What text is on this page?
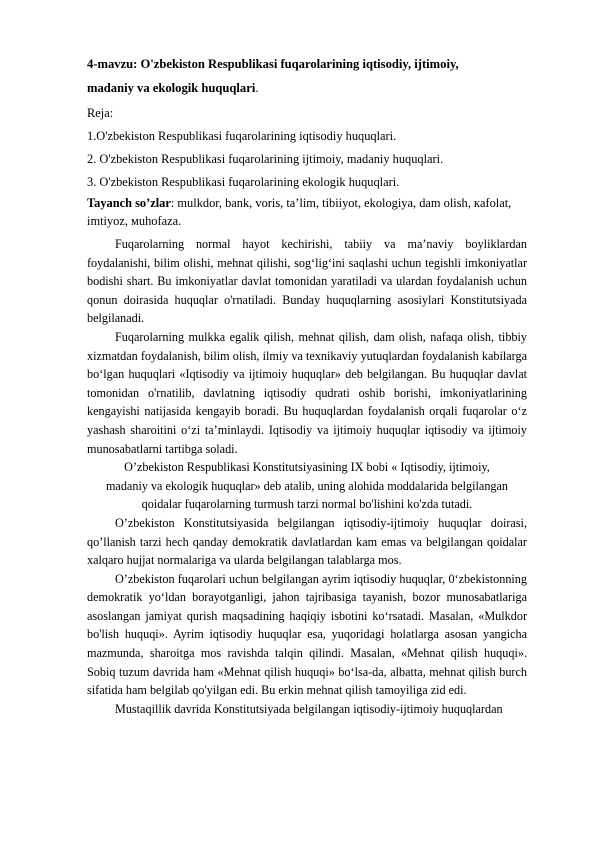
4-mavzu: O'zbekiston Respublikasi fuqarolarining iqtisodiy, ijtimoiy,

madaniy va ekologik huquqlari.

Reja:

1.O'zbekiston Respublikasi fuqarolarining iqtisodiy huquqlari.

2. O'zbekiston Respublikasi fuqarolarining ijtimoiy, madaniy huquqlari.

3. O'zbekiston Respublikasi fuqarolarining ekologik huquqlari.

Tayanch so’zlar: mulkdor, bank, voris, ta’lim, tibiiyot, ekologiya, dam olish, кafolat, imtiyoz, мuhofaza.

Fuqarolarning normal hayot kechirishi, tabiiy va ma’naviy boyliklardan foydalanishi, bilim olishi, mehnat qilishi, sog‘lig‘ini saqlashi uchun tegishli imkoniyatlar bodishi shart. Bu imkoniyatlar davlat tomonidan yaratiladi va ulardan foydalanish uchun qonun doirasida huquqlar o'rnatiladi. Bunday huquqlarning asosiylari Konstitutsiyada belgilanadi.

Fuqarolarning mulkka egalik qilish, mehnat qilish, dam olish, nafaqa olish, tibbiy xizmatdan foydalanish, bilim olish, ilmiy va texnikaviy yutuqlardan foydalanish kabilarga bo‘lgan huquqlari «Iqtisodiy va ijtimoiy huquqlar» deb belgilangan. Bu huquqlar davlat tomonidan o'rnatilib, davlatning iqtisodiy qudrati oshib borishi, imkoniyatlarining kengayishi natijasida kengayib boradi. Bu huquqlardan foydalanish orqali fuqarolar o‘z yashash sharoitini o‘zi ta’minlaydi. Iqtisodiy va ijtimoiy huquqlar iqtisodiy va ijtimoiy munosabatlarni tartibga soladi.

O’zbekiston Respublikasi Konstitutsiyasining IX bobi « Iqtisodiy, ijtimoiy,

madaniy va ekologik huquqlar» deb atalib, uning alohida moddalarida belgilangan

qoidalar fuqarolarning turmush tarzi normal bo'lishini ko'zda tutadi.

O’zbekiston Konstitutsiyasida belgilangan iqtisodiy-ijtimoiy huquqlar doirasi, qo’llanish tarzi hech qanday demokratik davlatlardan kam emas va belgilangan qoidalar xalqaro hujjat normalariga va ularda belgilangan talablarga mos.

O’zbekiston fuqarolari uchun belgilangan ayrim iqtisodiy huquqlar, 0‘zbekistonning demokratik yo‘ldan borayotganligi, jahon tajribasiga tayanish, bozor munosabatlariga asoslangan jamiyat qurish maqsadining haqiqiy isbotini ko‘rsatadi. Masalan, «Mulkdor bo'lish huquqi». Ayrim iqtisodiy huquqlar esa, yuqoridagi holatlarga asosan yangicha mazmunda, sharoitga mos ravishda talqin qilindi. Masalan, «Mehnat qilish huquqi». Sobiq tuzum davrida ham «Mehnat qilish huquqi» bo‘lsa-da, albatta, mehnat qilish burch sifatida ham belgilab qo'yilgan edi. Bu erkin mehnat qilish tamoyiliga zid edi.

Mustaqillik davrida Konstitutsiyada belgilangan iqtisodiy-ijtimoiy huquqlardan
